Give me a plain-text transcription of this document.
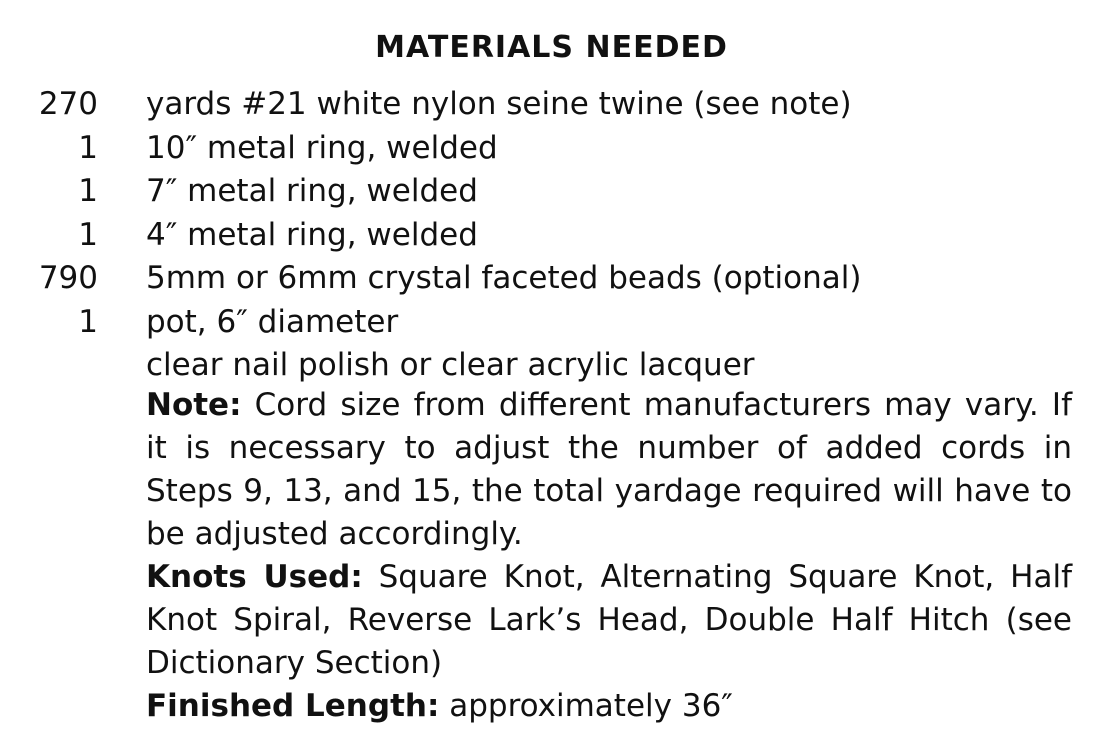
MATERIALS NEEDED
270 yards #21 white nylon seine twine (see note)
1 10″ metal ring, welded
1 7″ metal ring, welded
1 4″ metal ring, welded
790 5mm or 6mm crystal faceted beads (optional)
1 pot, 6″ diameter
clear nail polish or clear acrylic lacquer

Note: Cord size from different manufacturers may vary. If it is necessary to adjust the number of added cords in Steps 9, 13, and 15, the total yardage required will have to be adjusted accordingly.

Knots Used: Square Knot, Alternating Square Knot, Half Knot Spiral, Reverse Lark’s Head, Double Half Hitch (see Dictionary Section)

Finished Length: approximately 36″
